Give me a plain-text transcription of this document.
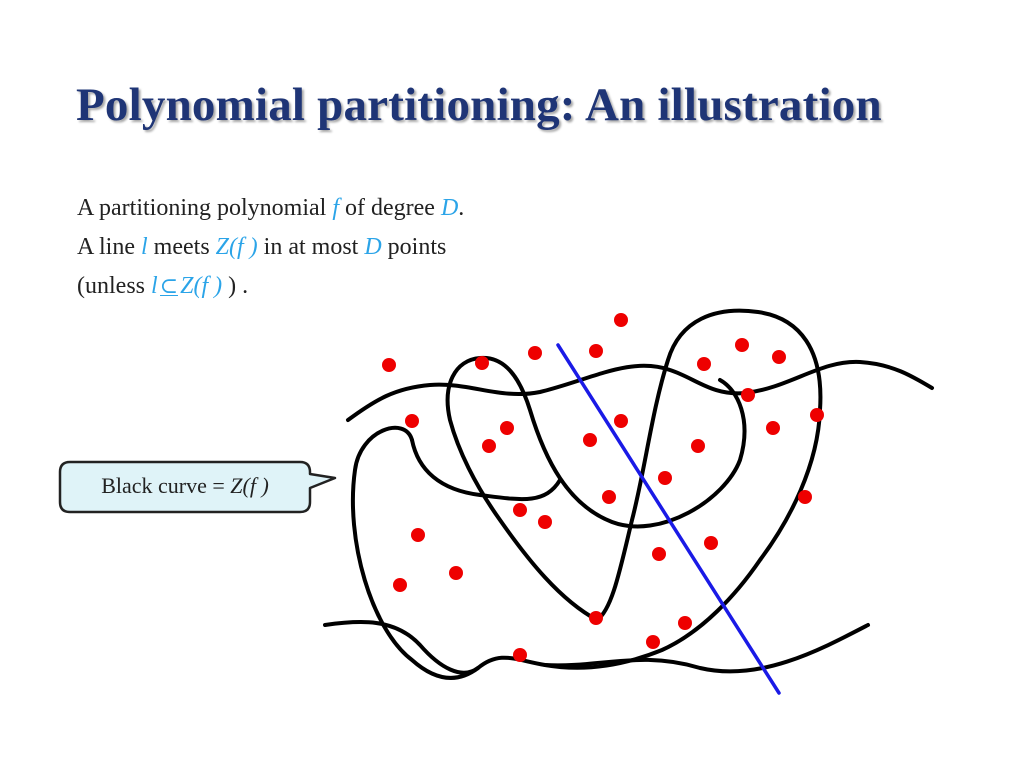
Polynomial partitioning: An illustration
A partitioning polynomial f of degree D.
A line l meets Z(f ) in at most D points
(unless l⊂Z(f ) ) .
Black curve = Z(f )
